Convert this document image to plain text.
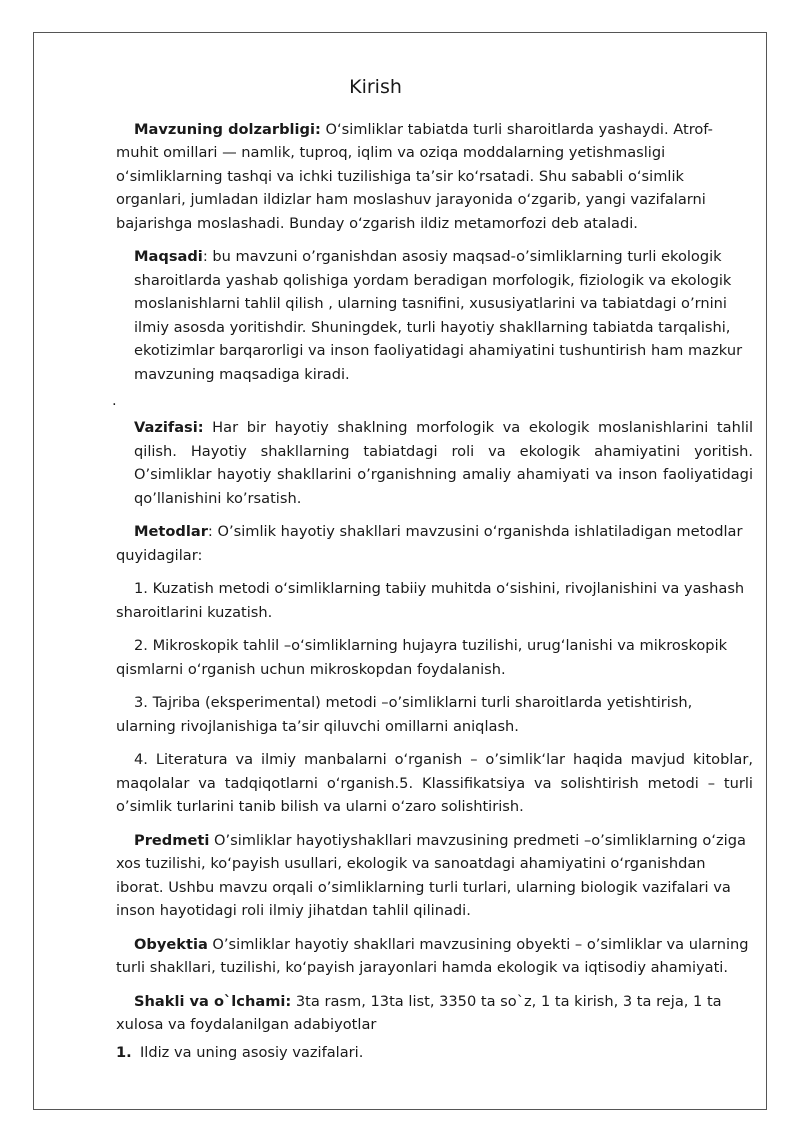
Kirish

Mavzuning dolzarbligi: O‘simliklar tabiatda turli sharoitlarda yashaydi. Atrof-muhit omillari — namlik, tuproq, iqlim va oziqa moddalarning yetishmasligi o‘simliklarning tashqi va ichki tuzilishiga ta’sir ko‘rsatadi. Shu sababli o‘simlik organlari, jumladan ildizlar ham moslashuv jarayonida o‘zgarib, yangi vazifalarni bajarishga moslashadi. Bunday o‘zgarish ildiz metamorfozi deb ataladi.

Maqsadi: bu mavzuni o’rganishdan asosiy maqsad-o’simliklarning turli ekologik sharoitlarda yashab qolishiga yordam beradigan morfologik, fiziologik va ekologik moslanishlarni tahlil qilish , ularning tasnifini, xususiyatlarini va tabiatdagi o’rnini ilmiy asosda yoritishdir. Shuningdek, turli hayotiy shakllarning tabiatda tarqalishi, ekotizimlar barqarorligi va inson faoliyatidagi ahamiyatini tushuntirish ham mazkur mavzuning maqsadiga kiradi.

.

Vazifasi: Har bir hayotiy shaklning morfologik va ekologik moslanishlarini tahlil qilish. Hayotiy shakllarning tabiatdagi roli va ekologik ahamiyatini yoritish. O’simliklar hayotiy shakllarini o’rganishning amaliy ahamiyati va inson faoliyatidagi qo’llanishini ko’rsatish.

Metodlar: O’simlik hayotiy shakllari mavzusini o‘rganishda ishlatiladigan metodlar quyidagilar:

1. Kuzatish metodi o‘simliklarning tabiiy muhitda o‘sishini, rivojlanishini va yashash sharoitlarini kuzatish.

2. Mikroskopik tahlil –o‘simliklarning hujayra tuzilishi, urug‘lanishi va mikroskopik qismlarni o‘rganish uchun mikroskopdan foydalanish.

3. Tajriba (eksperimental) metodi –o’simliklarni turli sharoitlarda yetishtirish, ularning rivojlanishiga ta’sir qiluvchi omillarni aniqlash.

4. Literatura va ilmiy manbalarni o‘rganish – o’simlik‘lar haqida mavjud kitoblar, maqolalar va tadqiqotlarni o‘rganish.5. Klassifikatsiya va solishtirish metodi – turli o’simlik turlarini tanib bilish va ularni o‘zaro solishtirish.

Predmeti O’simliklar hayotiyshakllari mavzusining predmeti –o’simliklarning o‘ziga xos tuzilishi, ko‘payish usullari, ekologik va sanoatdagi ahamiyatini o‘rganishdan iborat. Ushbu mavzu orqali o’simliklarning turli turlari, ularning biologik vazifalari va inson hayotidagi roli ilmiy jihatdan tahlil qilinadi.

Obyektia O’simliklar hayotiy shakllari mavzusining obyekti – o’simliklar va ularning turli shakllari, tuzilishi, ko‘payish jarayonlari hamda ekologik va iqtisodiy ahamiyati.

Shakli va o`lchami: 3ta rasm, 13ta list, 3350 ta so`z, 1 ta kirish, 3 ta reja, 1 ta xulosa va foydalanilgan adabiyotlar

1. Ildiz va uning asosiy vazifalari.
